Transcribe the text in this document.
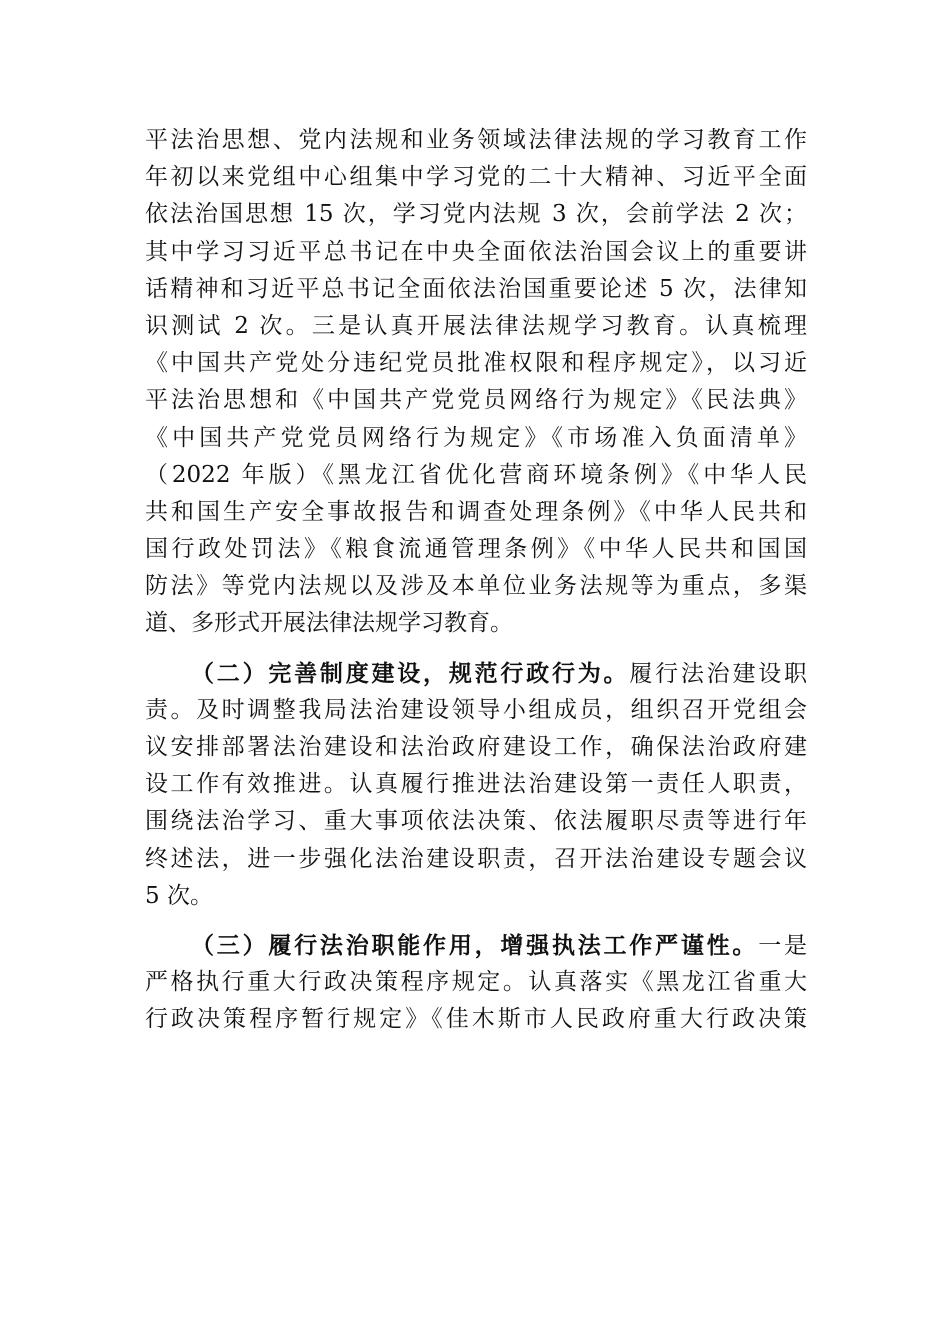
平法治思想、党内法规和业务领域法律法规的学习教育工作
年初以来党组中心组集中学习党的二十大精神、习近平全面
依法治国思想 15 次，学习党内法规 3 次，会前学法 2 次；
其中学习习近平总书记在中央全面依法治国会议上的重要讲
话精神和习近平总书记全面依法治国重要论述 5 次，法律知
识测试 2 次。三是认真开展法律法规学习教育。认真梳理
《中国共产党处分违纪党员批准权限和程序规定》，以习近
平法治思想和《中国共产党党员网络行为规定》《民法典》
《中国共产党党员网络行为规定》《市场准入负面清单》
（2022 年版）《黑龙江省优化营商环境条例》《中华人民
共和国生产安全事故报告和调查处理条例》《中华人民共和
国行政处罚法》《粮食流通管理条例》《中华人民共和国国
防法》等党内法规以及涉及本单位业务法规等为重点，多渠
道、多形式开展法律法规学习教育。
（二）完善制度建设，规范行政行为。履行法治建设职
责。及时调整我局法治建设领导小组成员，组织召开党组会
议安排部署法治建设和法治政府建设工作，确保法治政府建
设工作有效推进。认真履行推进法治建设第一责任人职责，
围绕法治学习、重大事项依法决策、依法履职尽责等进行年
终述法，进一步强化法治建设职责，召开法治建设专题会议
5 次。
（三）履行法治职能作用，增强执法工作严谨性。一是
严格执行重大行政决策程序规定。认真落实《黑龙江省重大
行政决策程序暂行规定》《佳木斯市人民政府重大行政决策
